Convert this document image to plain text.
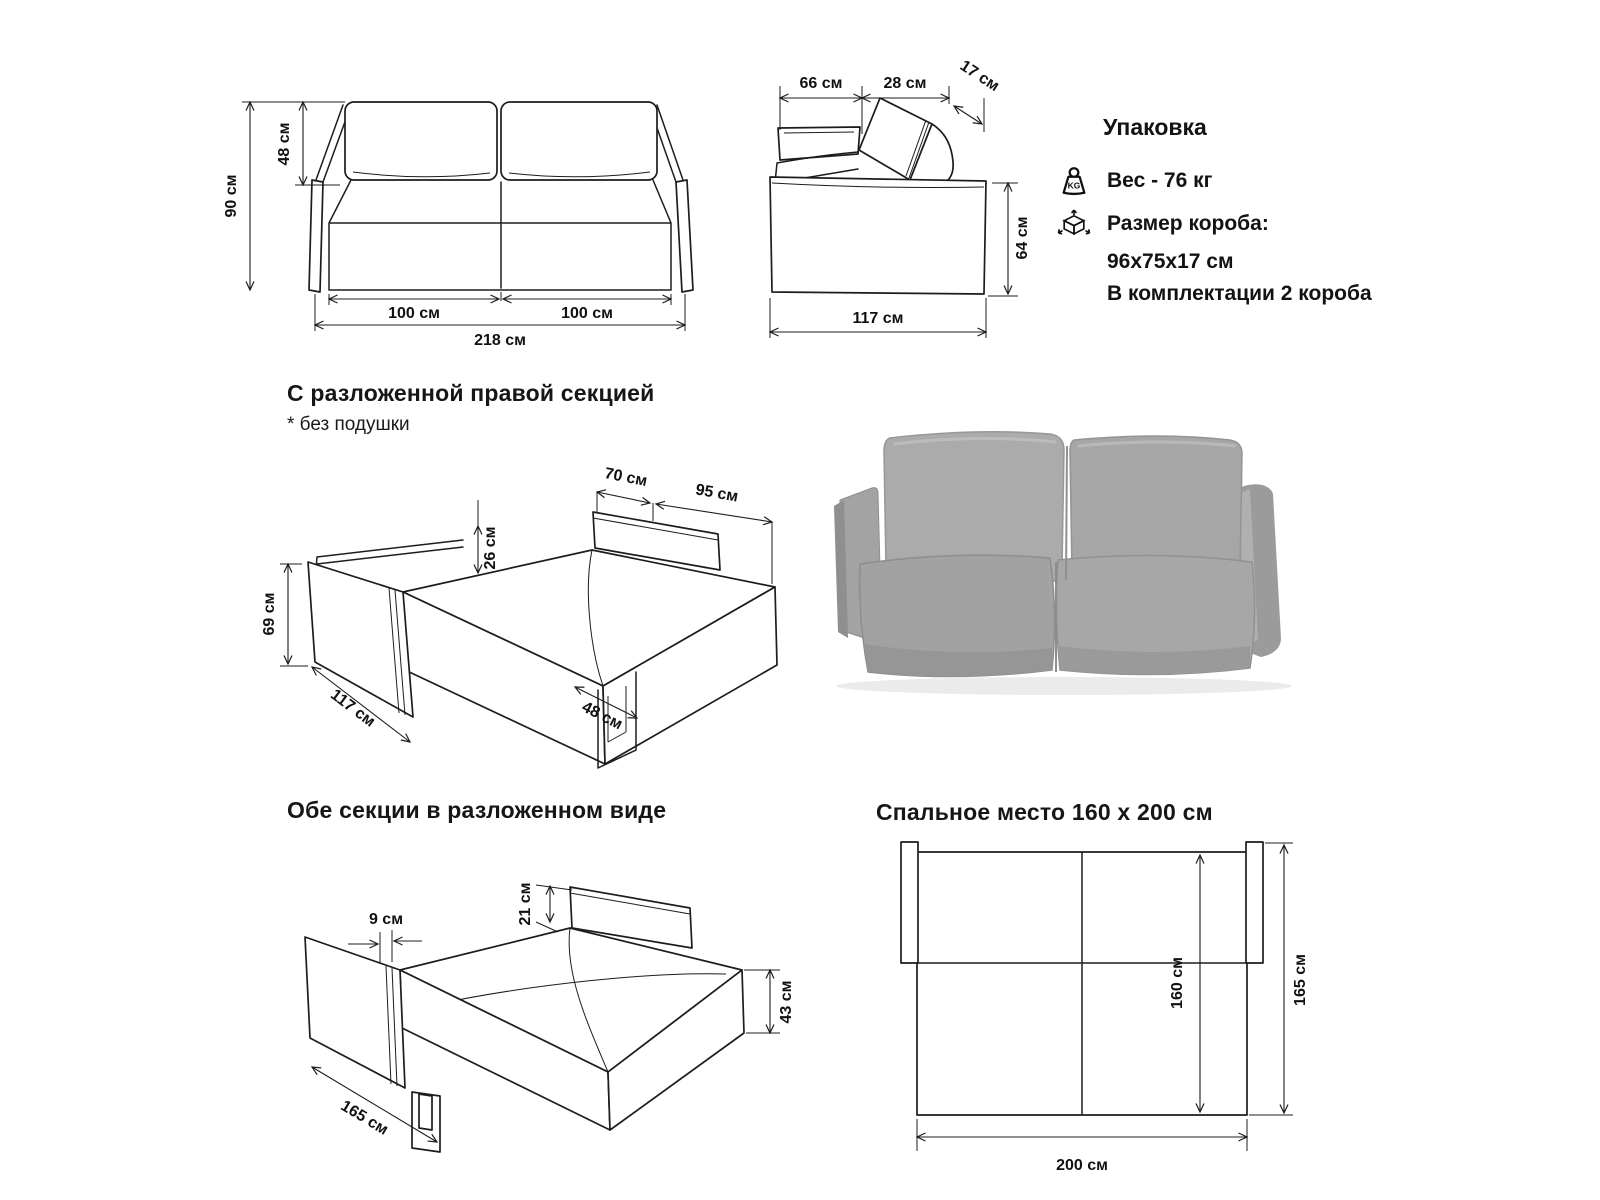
90 см
48 см
100 см	100 см
218 см
66 см	28 см 17 см
64 см
117 см
Упаковка
KG Вес - 76 кг
Размер короба:
96x75x17 см
В комплектации 2 короба
С разложенной правой секцией
* без подушки
69 см
26 см
70 см
95 см
117 см	48 см
Обе секции в разложенном виде
9 см	21 см
43 см
165 см
Спальное место 160 x 200 см
160 см	165 см
200 см
